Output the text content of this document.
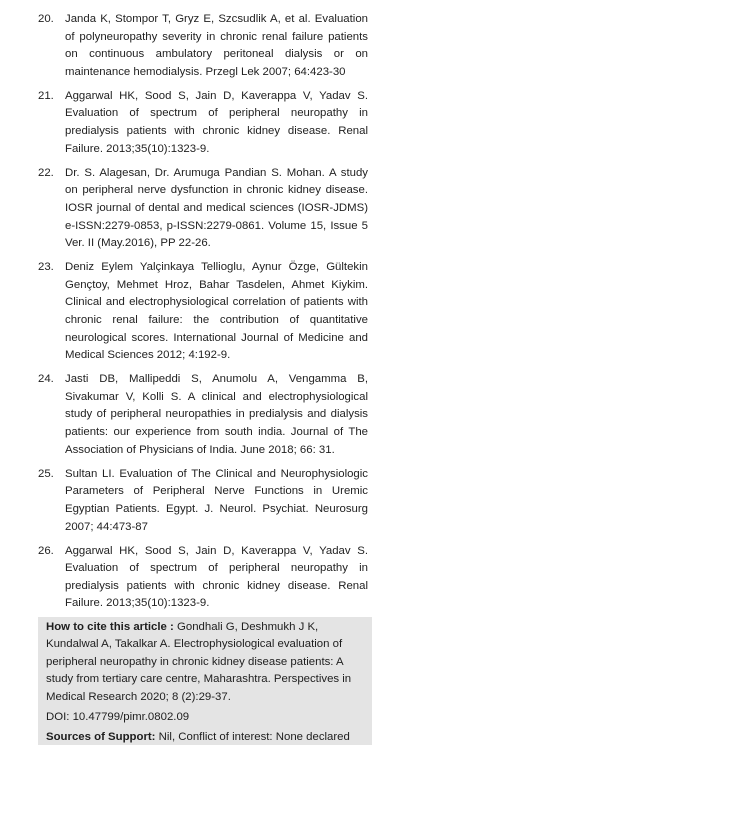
20. Janda K, Stompor T, Gryz E, Szcsudlik A, et al. Evaluation of polyneuropathy severity in chronic renal failure patients on continuous ambulatory peritoneal dialysis or on maintenance hemodialysis. Przegl Lek 2007; 64:423-30
21. Aggarwal HK, Sood S, Jain D, Kaverappa V, Yadav S. Evaluation of spectrum of peripheral neuropathy in predialysis patients with chronic kidney disease. Renal Failure. 2013;35(10):1323-9.
22. Dr. S. Alagesan, Dr. Arumuga Pandian S. Mohan. A study on peripheral nerve dysfunction in chronic kidney disease. IOSR journal of dental and medical sciences (IOSR-JDMS) e-ISSN:2279-0853, p-ISSN:2279-0861. Volume 15, Issue 5 Ver. II (May.2016), PP 22-26.
23. Deniz Eylem Yalçinkaya Tellioglu, Aynur Özge, Gültekin Gençtoy, Mehmet Hroz, Bahar Tasdelen, Ahmet Kiykim. Clinical and electrophysiological correlation of patients with chronic renal failure: the contribution of quantitative neurological scores. International Journal of Medicine and Medical Sciences 2012; 4:192-9.
24. Jasti DB, Mallipeddi S, Anumolu A, Vengamma B, Sivakumar V, Kolli S. A clinical and electrophysiological study of peripheral neuropathies in predialysis and dialysis patients: our experience from south india. Journal of The Association of Physicians of India. June 2018; 66: 31.
25. Sultan LI. Evaluation of The Clinical and Neurophysiologic Parameters of Peripheral Nerve Functions in Uremic Egyptian Patients. Egypt. J. Neurol. Psychiat. Neurosurg 2007; 44:473-87
26. Aggarwal HK, Sood S, Jain D, Kaverappa V, Yadav S. Evaluation of spectrum of peripheral neuropathy in predialysis patients with chronic kidney disease. Renal Failure. 2013;35(10):1323-9.

How to cite this article : Gondhali G, Deshmukh J K, Kundalwal A, Takalkar A. Electrophysiological evaluation of peripheral neuropathy in chronic kidney disease patients: A study from tertiary care centre, Maharashtra. Perspectives in Medical Research 2020; 8 (2):29-37.

DOI: 10.47799/pimr.0802.09

Sources of Support: Nil, Conflict of interest: None declared
